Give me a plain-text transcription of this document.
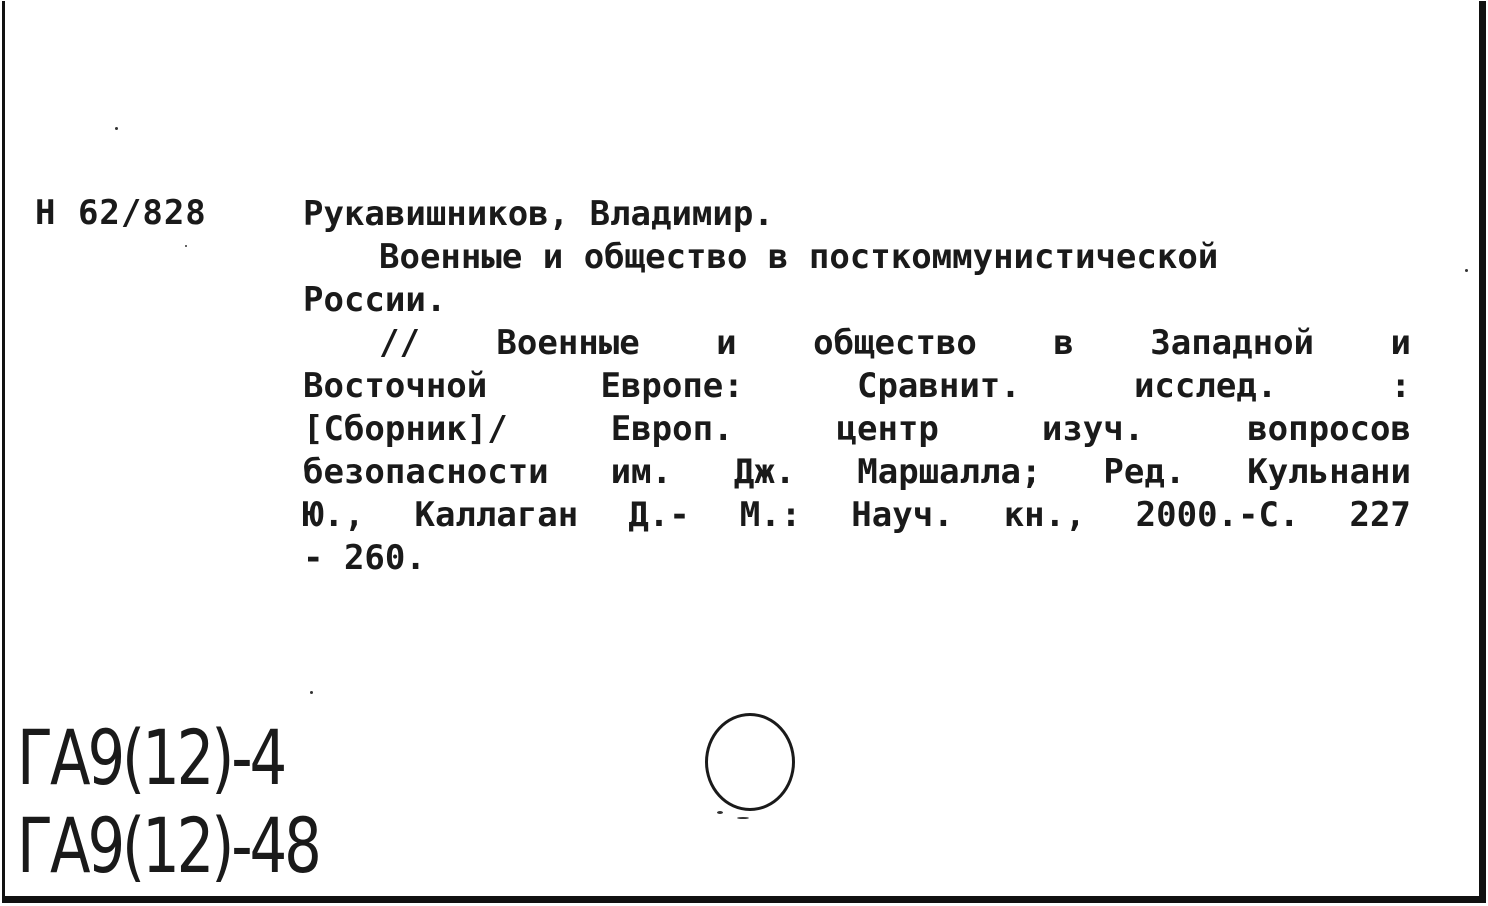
H 62/828	Рукавишников, Владимир.
Военные и общество в посткоммунистической
России.
// Военные и общество в Западной и
Восточной	Европе:	Сравнит.	исслед.	:
[Сборник]/	Европ.	центр	изуч.	вопросов
безопасности им. Дж. Маршалла; Ред. Кульнани
Ю., Каллаган Д.- М.: Науч. кн., 2000.-С. 227
- 260.
ГА9(12)-4
ГА9(12)-48
